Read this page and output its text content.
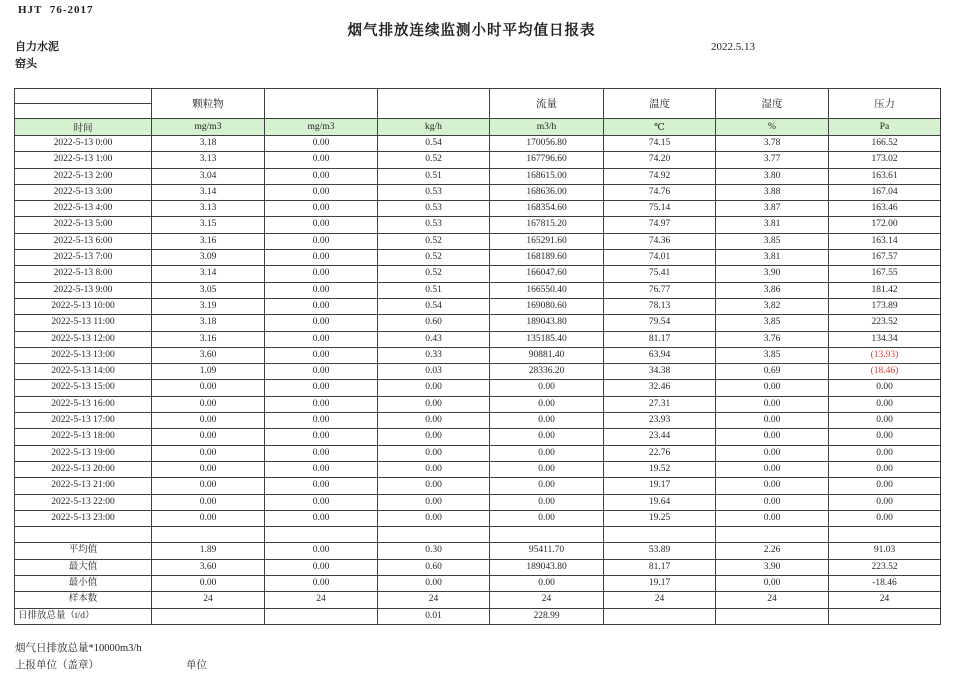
HJT  76-2017
烟气排放连续监测小时平均值日报表
2022.5.13
自力水泥
窑头
	颗粒物			流量	温度	湿度	压力

时间	mg/m3	mg/m3	kg/h	m3/h	℃	%	Pa
2022-5-13 0:00	3.18	0.00	0.54	170056.80	74.15	3.78	166.52
2022-5-13 1:00	3.13	0.00	0.52	167796.60	74.20	3.77	173.02
2022-5-13 2:00	3.04	0.00	0.51	168615.00	74.92	3.80	163.61
2022-5-13 3:00	3.14	0.00	0.53	168636.00	74.76	3.88	167.04
2022-5-13 4:00	3.13	0.00	0.53	168354.60	75.14	3.87	163.46
2022-5-13 5:00	3.15	0.00	0.53	167815.20	74.97	3.81	172.00
2022-5-13 6:00	3.16	0.00	0.52	165291.60	74.36	3.85	163.14
2022-5-13 7:00	3.09	0.00	0.52	168189.60	74.01	3.81	167.57
2022-5-13 8:00	3.14	0.00	0.52	166047.60	75.41	3.90	167.55
2022-5-13 9:00	3.05	0.00	0.51	166550.40	76.77	3.86	181.42
2022-5-13 10:00	3.19	0.00	0.54	169080.60	78.13	3.82	173.89
2022-5-13 11:00	3.18	0.00	0.60	189043.80	79.54	3.85	223.52
2022-5-13 12:00	3.16	0.00	0.43	135185.40	81.17	3.76	134.34
2022-5-13 13:00	3.60	0.00	0.33	90881.40	63.94	3.85	(13.93)
2022-5-13 14:00	1.09	0.00	0.03	28336.20	34.38	0.69	(18.46)
2022-5-13 15:00	0.00	0.00	0.00	0.00	32.46	0.00	0.00
2022-5-13 16:00	0.00	0.00	0.00	0.00	27.31	0.00	0.00
2022-5-13 17:00	0.00	0.00	0.00	0.00	23.93	0.00	0.00
2022-5-13 18:00	0.00	0.00	0.00	0.00	23.44	0.00	0.00
2022-5-13 19:00	0.00	0.00	0.00	0.00	22.76	0.00	0.00
2022-5-13 20:00	0.00	0.00	0.00	0.00	19.52	0.00	0.00
2022-5-13 21:00	0.00	0.00	0.00	0.00	19.17	0.00	0.00
2022-5-13 22:00	0.00	0.00	0.00	0.00	19.64	0.00	0.00
2022-5-13 23:00	0.00	0.00	0.00	0.00	19.25	0.00	0.00

平均值	1.89	0.00	0.30	95411.70	53.89	2.26	91.03
最大值	3.60	0.00	0.60	189043.80	81.17	3.90	223.52
最小值	0.00	0.00	0.00	0.00	19.17	0.00	-18.46
样本数	24	24	24	24	24	24	24
日排放总量（t/d）			0.01	228.99			
烟气日排放总量*10000m3/h
上报单位（盖章）	单位
